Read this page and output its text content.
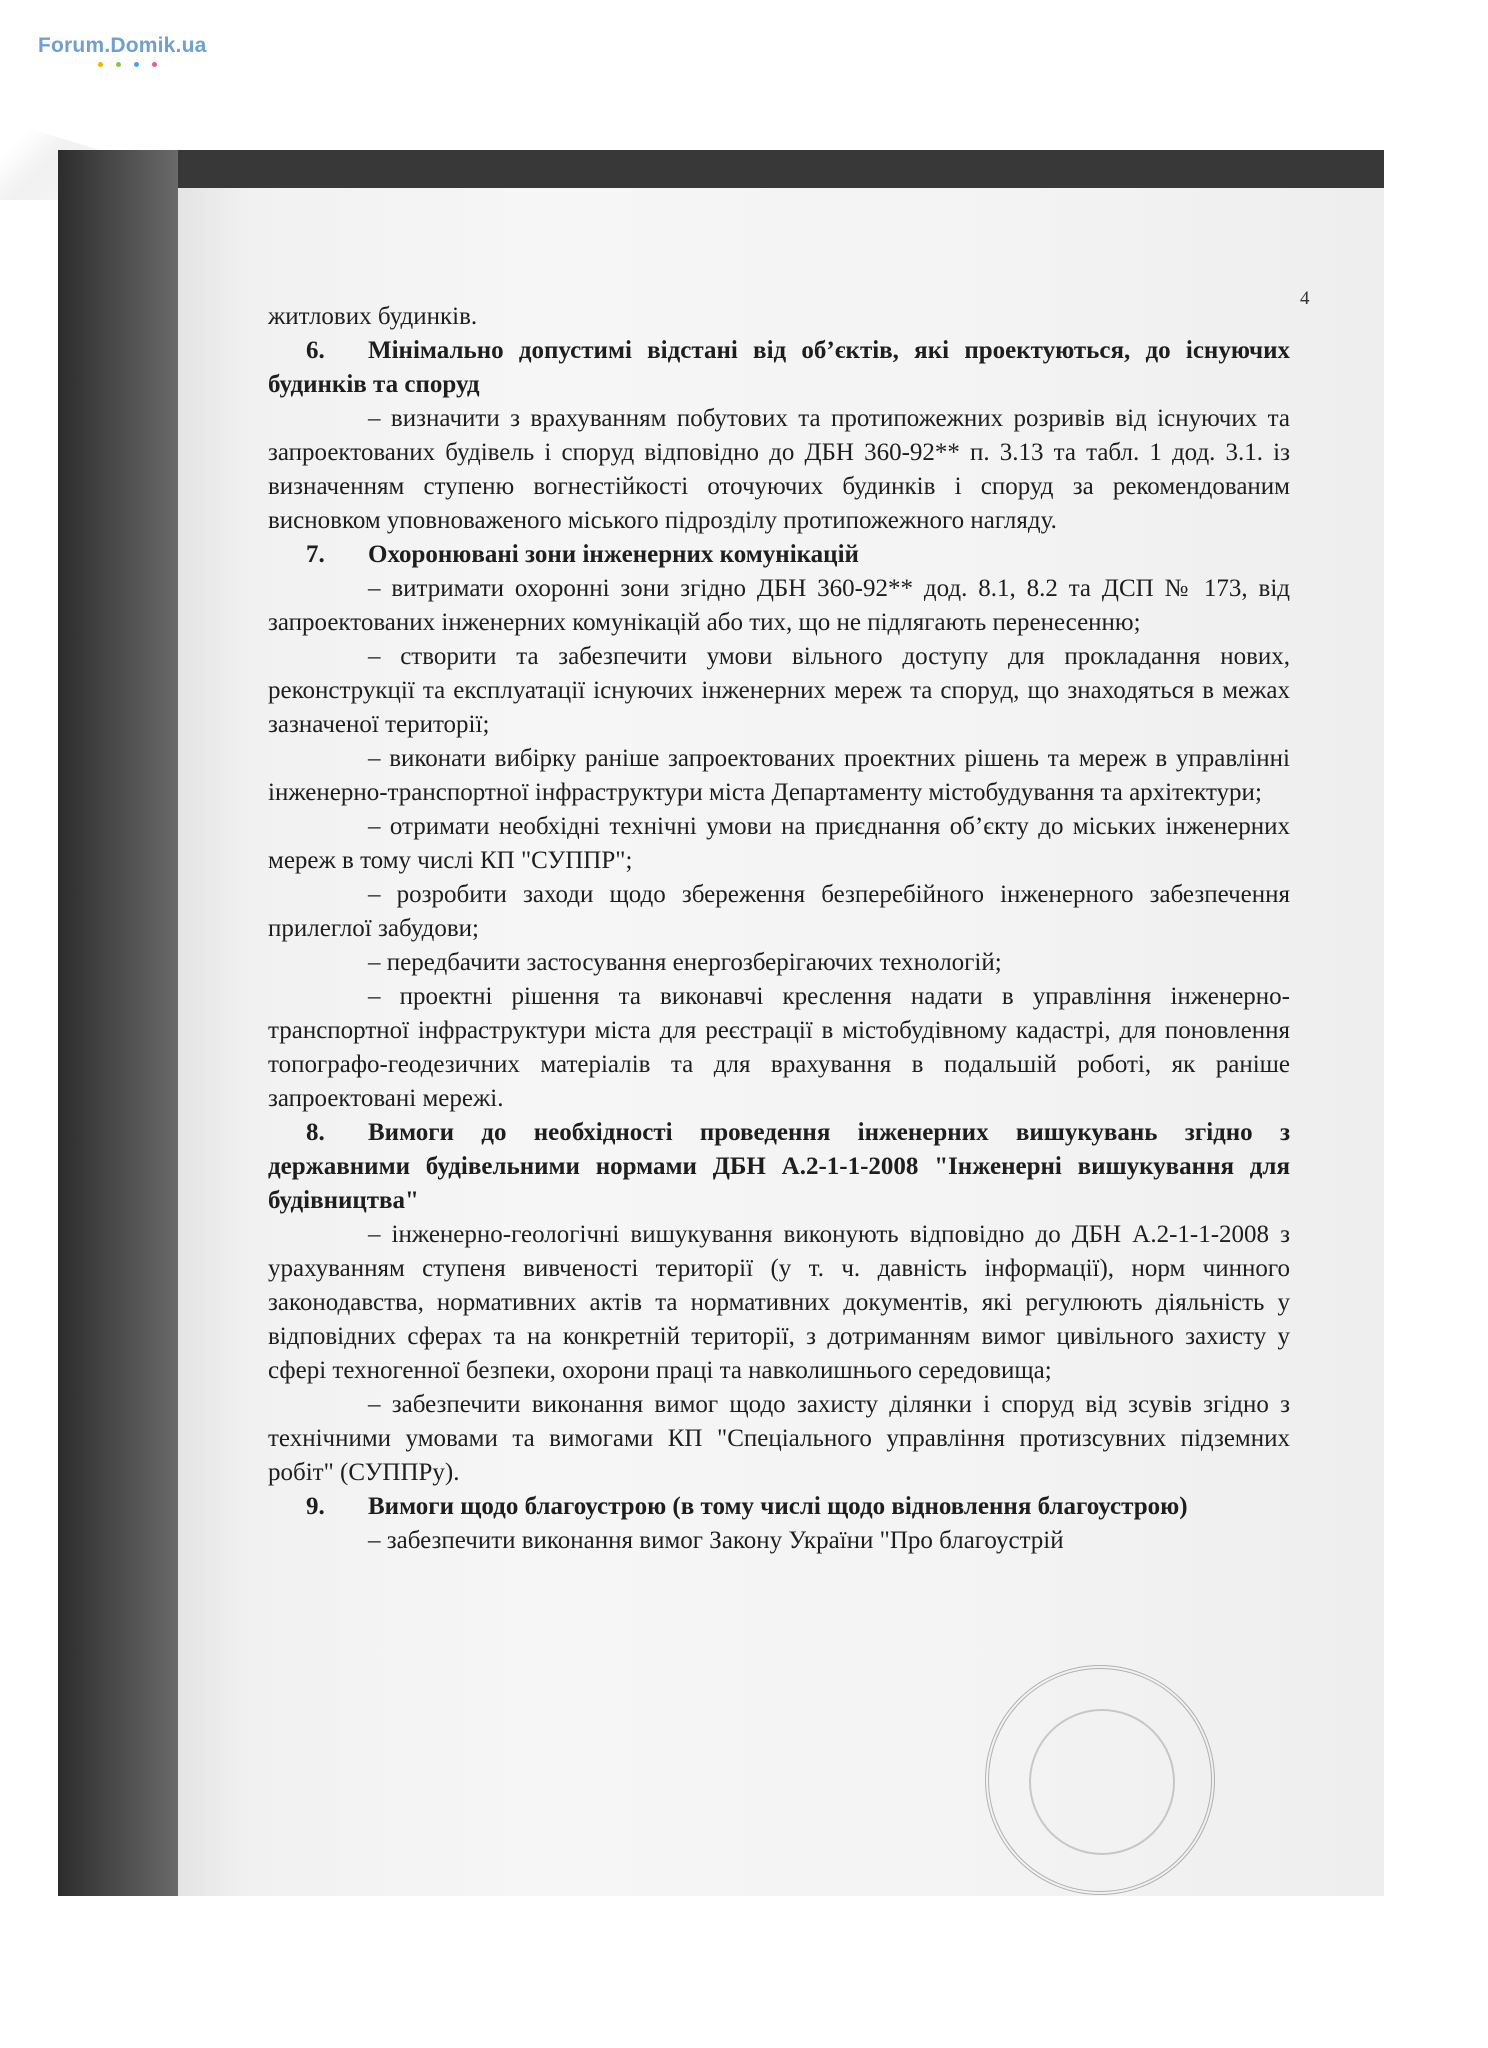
Forum.Domik.ua
4

житлових будинків.

6. Мінімально допустимі відстані від об’єктів, які проектуються, до існуючих будинків та споруд

– визначити з врахуванням побутових та протипожежних розривів від існуючих та запроектованих будівель і споруд відповідно до ДБН 360-92** п. 3.13 та табл. 1 дод. 3.1. із визначенням ступеню вогнестійкості оточуючих будинків і споруд за рекомендованим висновком уповноваженого міського підрозділу протипожежного нагляду.

7. Охоронювані зони інженерних комунікацій

– витримати охоронні зони згідно ДБН 360-92** дод. 8.1, 8.2 та ДСП № 173, від запроектованих інженерних комунікацій або тих, що не підлягають перенесенню;

– створити та забезпечити умови вільного доступу для прокладання нових, реконструкції та експлуатації існуючих інженерних мереж та споруд, що знаходяться в межах зазначеної території;

– виконати вибірку раніше запроектованих проектних рішень та мереж в управлінні інженерно-транспортної інфраструктури міста Департаменту містобудування та архітектури;

– отримати необхідні технічні умови на приєднання об’єкту до міських інженерних мереж в тому числі КП "СУППР";

– розробити заходи щодо збереження безперебійного інженерного забезпечення прилеглої забудови;

– передбачити застосування енергозберігаючих технологій;

– проектні рішення та виконавчі креслення надати в управління інженерно-транспортної інфраструктури міста для реєстрації в містобудівному кадастрі, для поновлення топографо-геодезичних матеріалів та для врахування в подальшій роботі, як раніше запроектовані мережі.

8. Вимоги до необхідності проведення інженерних вишукувань згідно з державними будівельними нормами ДБН А.2-1-1-2008 "Інженерні вишукування для будівництва"

– інженерно-геологічні вишукування виконують відповідно до ДБН А.2-1-1-2008 з урахуванням ступеня вивченості території (у т. ч. давність інформації), норм чинного законодавства, нормативних актів та нормативних документів, які регулюють діяльність у відповідних сферах та на конкретній території, з дотриманням вимог цивільного захисту у сфері техногенної безпеки, охорони праці та навколишнього середовища;

– забезпечити виконання вимог щодо захисту ділянки і споруд від зсувів згідно з технічними умовами та вимогами КП "Спеціального управління протизсувних підземних робіт" (СУППРу).

9. Вимоги щодо благоустрою (в тому числі щодо відновлення благоустрою)

– забезпечити виконання вимог Закону України "Про благоустрій
